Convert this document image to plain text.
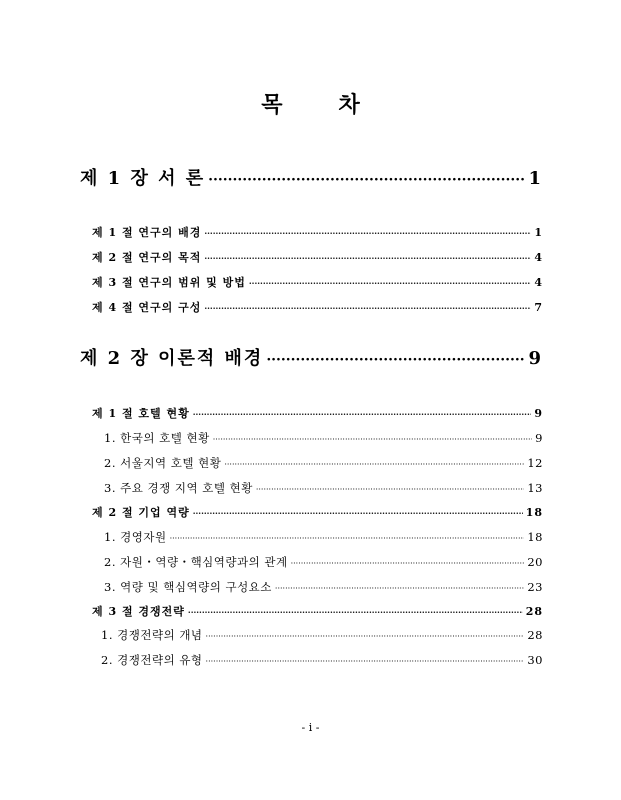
목	차
제 1 장 서 론 ·····	1
제 1 절 연구의 배경 ·····	1
제 2 절 연구의 목적 ·····	4
제 3 절 연구의 범위 및 방법 ·····	4
제 4 절 연구의 구성 ·····	7
제 2 장 이론적 배경 ·····	9
제 1 절 호텔 현황 ·····	9
1. 한국의 호텔 현황 ·····	9
2. 서울지역 호텔 현황 ·····	12
3. 주요 경쟁 지역 호텔 현황 ·····	13
제 2 절 기업 역량 ·····	18
1. 경영자원 ·····	18
2. 자원・역량・핵심역량과의 관계 ·····	20
3. 역량 및 핵심역량의 구성요소 ·····	23
제 3 절 경쟁전략 ·····	28
1. 경쟁전략의 개념 ·····	28
2. 경쟁전략의 유형 ·····	30
- i -
